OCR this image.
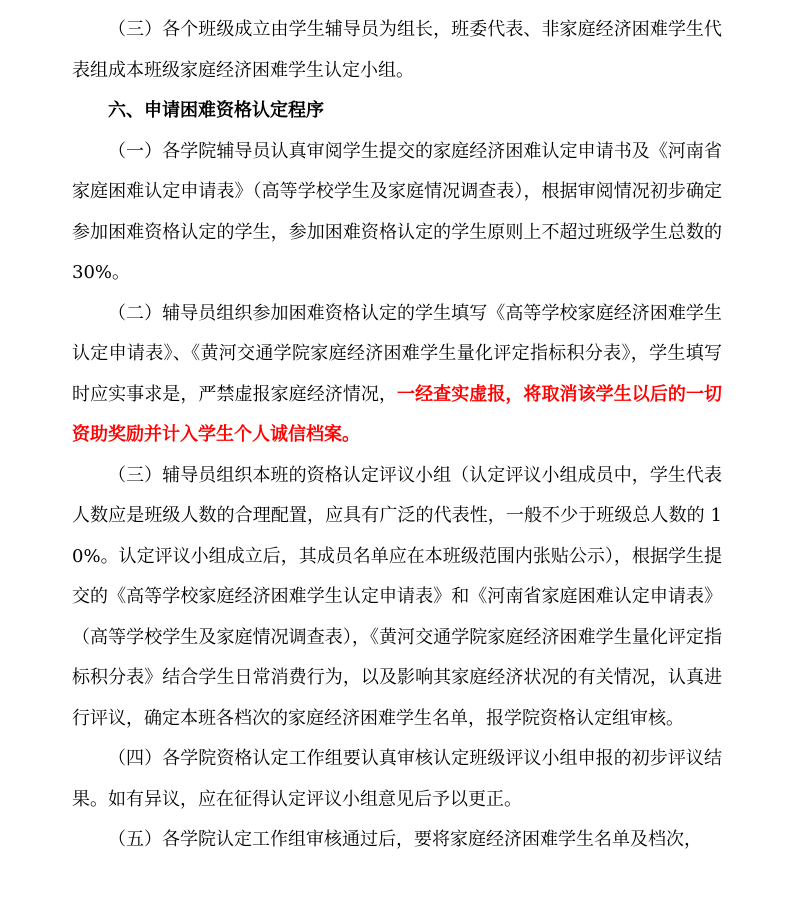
（三）各个班级成立由学生辅导员为组长，班委代表、非家庭经济困难学生代表组成本班级家庭经济困难学生认定小组。

六、申请困难资格认定程序

（一）各学院辅导员认真审阅学生提交的家庭经济困难认定申请书及《河南省家庭困难认定申请表》（高等学校学生及家庭情况调查表），根据审阅情况初步确定参加困难资格认定的学生，参加困难资格认定的学生原则上不超过班级学生总数的 30%。

（二）辅导员组织参加困难资格认定的学生填写《高等学校家庭经济困难学生认定申请表》、《黄河交通学院家庭经济困难学生量化评定指标积分表》，学生填写时应实事求是，严禁虚报家庭经济情况，一经查实虚报，将取消该学生以后的一切资助奖励并计入学生个人诚信档案。

（三）辅导员组织本班的资格认定评议小组（认定评议小组成员中，学生代表人数应是班级人数的合理配置，应具有广泛的代表性，一般不少于班级总人数的 10%。认定评议小组成立后，其成员名单应在本班级范围内张贴公示），根据学生提交的《高等学校家庭经济困难学生认定申请表》和《河南省家庭困难认定申请表》（高等学校学生及家庭情况调查表），《黄河交通学院家庭经济困难学生量化评定指标积分表》结合学生日常消费行为，以及影响其家庭经济状况的有关情况，认真进行评议，确定本班各档次的家庭经济困难学生名单，报学院资格认定组审核。

（四）各学院资格认定工作组要认真审核认定班级评议小组申报的初步评议结果。如有异议，应在征得认定评议小组意见后予以更正。

（五）各学院认定工作组审核通过后，要将家庭经济困难学生名单及档次，
